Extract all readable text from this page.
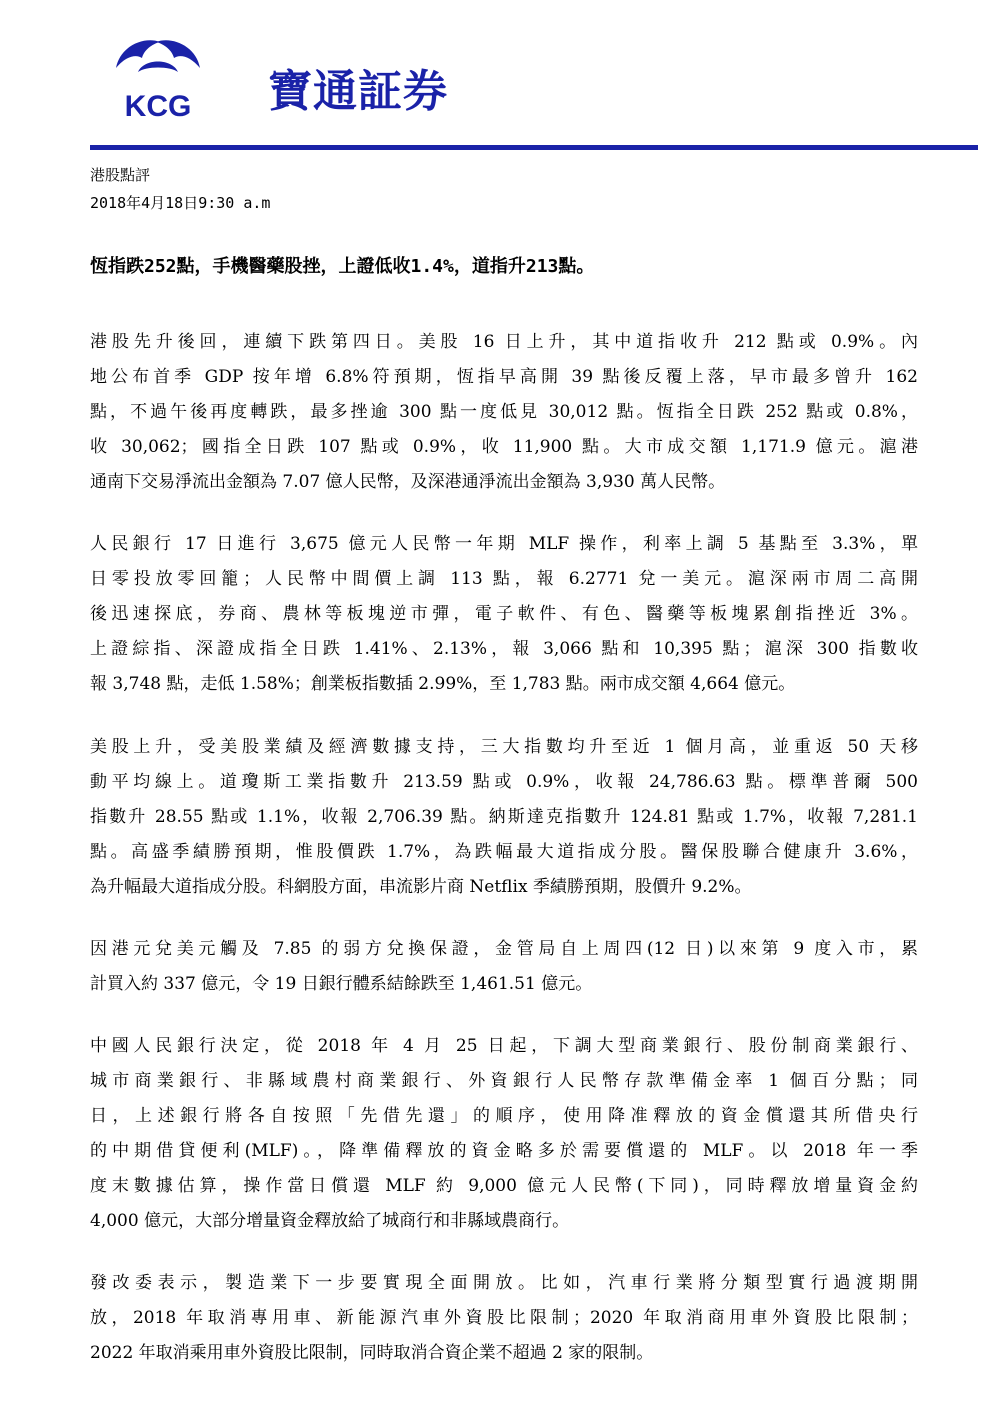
KCG 寶通証券
港股點評
2018年4月18日9:30 a.m
恆指跌252點，手機醫藥股挫，上證低收1.4%，道指升213點。
港股先升後回，連續下跌第四日。美股 16 日上升，其中道指收升 212 點或 0.9%。內
地公布首季 GDP 按年增 6.8%符預期，恆指早高開 39 點後反覆上落，早市最多曾升 162
點，不過午後再度轉跌，最多挫逾 300 點一度低見 30,012 點。恆指全日跌 252 點或 0.8%，
收 30,062；國指全日跌 107 點或 0.9%，收 11,900 點。大市成交額 1,171.9 億元。滬港
通南下交易淨流出金額為 7.07 億人民幣，及深港通淨流出金額為 3,930 萬人民幣。
人民銀行 17 日進行 3,675 億元人民幣一年期 MLF 操作，利率上調 5 基點至 3.3%，單
日零投放零回籠；人民幣中間價上調 113 點，報 6.2771 兌一美元。滬深兩市周二高開
後迅速探底，券商、農林等板塊逆市彈，電子軟件、有色、醫藥等板塊累創指挫近 3%。
上證綜指、深證成指全日跌 1.41%、2.13%，報 3,066 點和 10,395 點；滬深 300 指數收
報 3,748 點，走低 1.58%；創業板指數插 2.99%，至 1,783 點。兩市成交額 4,664 億元。
美股上升，受美股業績及經濟數據支持，三大指數均升至近 1 個月高，並重返 50 天移
動平均線上。道瓊斯工業指數升 213.59 點或 0.9%，收報 24,786.63 點。標準普爾 500
指數升 28.55 點或 1.1%，收報 2,706.39 點。納斯達克指數升 124.81 點或 1.7%，收報 7,281.1
點。高盛季績勝預期，惟股價跌 1.7%，為跌幅最大道指成分股。醫保股聯合健康升 3.6%，
為升幅最大道指成分股。科網股方面，串流影片商 Netflix 季績勝預期，股價升 9.2%。
因港元兌美元觸及 7.85 的弱方兌換保證，金管局自上周四(12 日)以來第 9 度入市，累
計買入約 337 億元，令 19 日銀行體系結餘跌至 1,461.51 億元。
中國人民銀行決定，從 2018 年 4 月 25 日起，下調大型商業銀行、股份制商業銀行、
城市商業銀行、非縣域農村商業銀行、外資銀行人民幣存款準備金率 1 個百分點；同
日，上述銀行將各自按照「先借先還」的順序，使用降准釋放的資金償還其所借央行
的中期借貸便利(MLF)。，降準備釋放的資金略多於需要償還的 MLF。以 2018 年一季
度末數據估算，操作當日償還 MLF 約 9,000 億元人民幣(下同)，同時釋放增量資金約
4,000 億元，大部分增量資金釋放給了城商行和非縣域農商行。
發改委表示，製造業下一步要實現全面開放。比如，汽車行業將分類型實行過渡期開
放，2018 年取消專用車、新能源汽車外資股比限制；2020 年取消商用車外資股比限制；
2022 年取消乘用車外資股比限制，同時取消合資企業不超過 2 家的限制。
